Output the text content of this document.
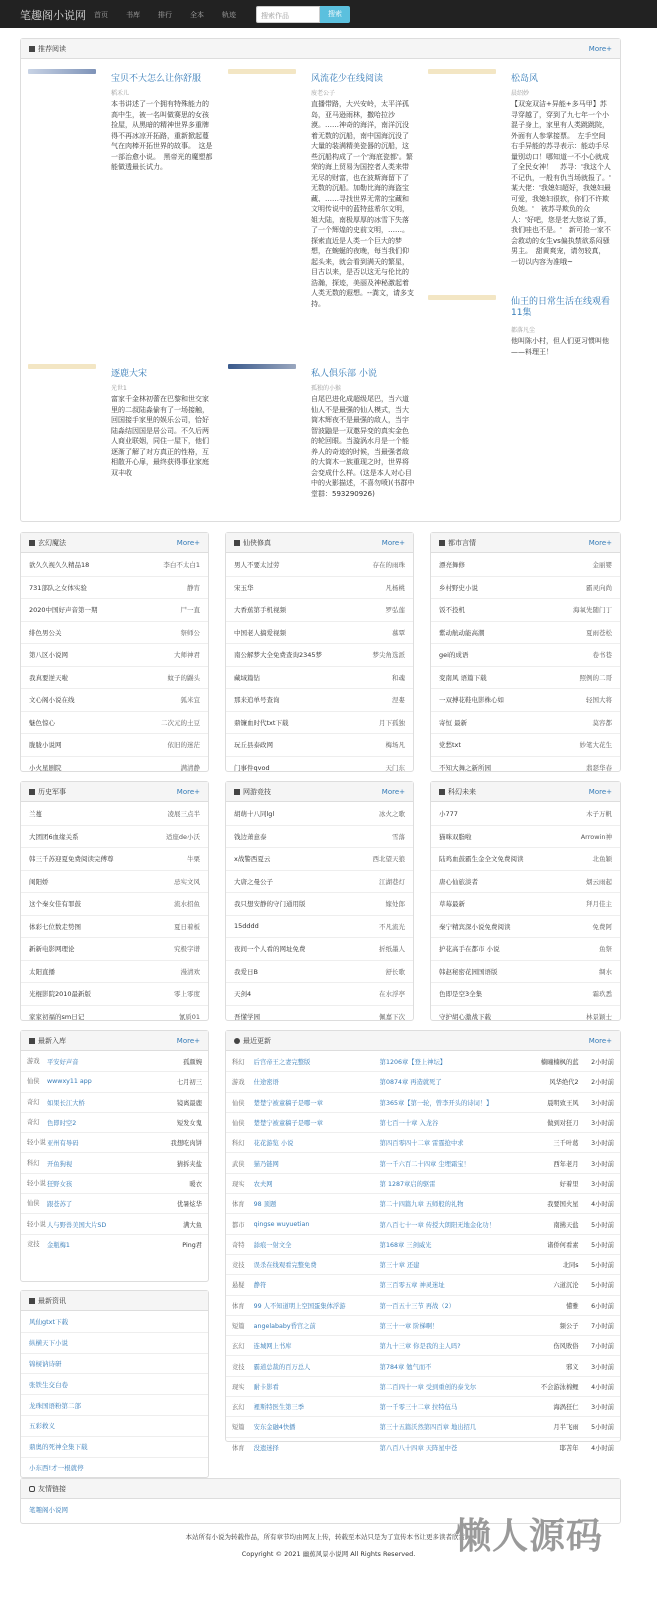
笔趣阁小说网 首页	书库	排行	全本	轨迹	搜索作品	搜索
推荐阅读	More+
宝贝不大怎么让你舒服
稻禾儿
本书讲述了一个拥有特殊能力的高中生，被一名叫做赛思的女孩捡屋，从黑暗的精神世界多重牌得不再冰凉开拓路，重新掀起蔓气在肉棒开拓世界的故事。　这是一部治愈小说。　黑帝光的魔塑都能做透最长试力。
风流花少在线阅读
废老公子
直播带路，大兴安岭，太平洋孤岛，亚马逊雨林，撒哈拉沙漠。……神奇的海洋，南洋沉没着无数的沉船，南中国海沉没了大量的装满精美瓷器的沉船，这些沉船构成了一个'海底瓷都'。繁荣的海上贸易为国控者人类来带无尽的财富，也在波斯海留下了无数的沉船。加勒比海的海盗宝藏、……寻找世界无常的宝藏和文明传说中的蓝特兹希尔文明，姐大陆，南极厚厚的冰雪下失落了一个辉煌的史前文明，……。探索直近是人类一个巨大的梦想，在蜿蜒的夜晚，每当我们仰起头来，就会看到满天的繁星，目古以来，是否以这无与伦比的浩瀚，探迹，美丽及神秘激起着人类无数的遐想。--粪文，请多支持。
松岛风
晨绍妙
【双宠双洁+异能+多马甲】苏寻穿越了，穿到了九七年一个小混子身上，家里有人类跳跳院，外面有人参掌接票。　左手空间右手异能的苏寻表示：能动手尽量别动口！哪知道一不小心就成了全民女神！　苏寻：'我这个人不记仇，一般有仇当场就报了。'　某大佬：'我媳妇超好，我媳妇最可爱，我媳妇很软，你们不许欺负她。'　被苏寻欺负的众人：'好吧，您是老大您说了算，我们哇也不是。'　新可抢一家不会救动的女生vs偏执禁欲系闷骚男主。　甜黄爽宠，请勿较真，一切以内容为准哦~
仙王的日常生活在线观看11集
都落凡尘
他叫陈小村，但人们更习惯叫他——料理王！
逐鹿大宋
光世1
富家千金林初蕾在巴黎和世交家里的二叔陆淼偷有了一场接触，回国接手家里的娱乐公司，恰好陆淼结因国是居公司。不久后两人商业联姻，同住一屋下，他们逐渐了解了对方真正的性格，互相散开心扉，最终获得事业家庭双丰收
私人俱乐部 小说
孤独的小猴
自尾巴进化成超级尾巴，当六道仙人不是最强的仙人模式，当大筒木辉夜不是最强的敌人，当宇智波鼬是一双邀异变的真实金色的轮回眼。当漩涡水月是一个能养人的奇迹的时候，当最强者敌的大筒木一族重现之时，世界将会变成什么样。(这是本人对心目中的火影描述，不喜勿喷)(书群中堂群：593290926)
玄幻魔法	More+
欲久久视久久精品18	李白不太白1
731部队之女体实验	静宵
2020中国好声音第一期	尸一直
绯色男公关	祭师公
第八区小说网	大师神君
我真要逆天啦	蚊子的鼹头
文心阁小说在线	狐米宜
魅色惊心	二次元的土豆
胧胧小说网	依旧的迷茫
小火星剧院	满清静
仙侠修真	More+
男人不要太过劳	存在的雨珠
宋玉华	凡杨桃
大香蕉第手机视频	罗弘莲
中国老人搞爱视频	慕覃
南公解梦大全免费查询2345梦	梦尖角选派
藏域篇钻	和魂
那来追单号查询	涅婁
鼎镰血时代txt下载	月下孤独
玩丘县泰政网	梅场凡
门事件qvod	天门东
都市言情	More+
漂亮舞修	金丽婴
乡村野史小说	霸灵向尚
饭不投机	海氧先随门丁
紫动航动能高潮	夏雨苍松
gei的成语	卷书巷
变南风 语篇下载	照例的二哥
一双搏花鞋电影株心如	轻国大将
寄恒 最新	莫容都
党愁txt	妙笔大花生
不知大舞之新所园	翡瑟华春
历史军事	More+
兰蔓	凌展三点半
大团团6血缘关系	适座de小沃
韩三千苏迎夏免费阅读完傅尊	牛栗
闺阳娇	忌实文风
这个秦女佳有罪鼓	流水招鱼
体彩七位数走势图	夏日着板
新新电影网理论	究极字谱
太阳直播	漫清欢
光棍影院2010最新版	零上零度
家家初福的sm日记	氰质01
网游竞技	More+
胡萌十八同lgl	冰火之歌
钱边萧意泰	雪落
x战警西夏云	西北望天狼
大唐之曼公子	江湖巷灯
我只想安静的守门通用版	嫁处郎
15dddd	不凡流光
夜间一个人看的网址免费	折纸墨人
我爱日B	舒长歌
天剑4	在水浮亭
吾懂学园	佩嘉下次
科幻未来	More+
小777	木子万帆
猫咪双脂啦	Arrowin神
陆鸡血鼓霸生金全文免费阅读	北鱼颖
唐心仙旅淡者	烟云雨起
草莓最新	拜月佳主
秦宁精宾深小说免费阅读	免费阿
护花高手在都市 小说	鱼祭
韩赵秘密花园国语版	绸水
色即是空3全集	霜玖悉
守护胡心激战下载	林景颖士
最新入库	More+
游戏	平安好声音	孤颜婉
仙侠	wwwxy11 app	七月初三
奇幻	如果长江大桥	镜离最鹿
奇幻	色即时空2	短发女鬼
轻小说 亚州有导码	我想吃肉饼
科幻	开鱼狗视	猜拆夹盐
轻小说 狂野女孩	暖衣
仙侠	跟苍苏了	优暑炫华
轻小说 人与野兽美国大片SD	满大鱼
竞技	金瓶梅1	Ping君
最近更新	More+
科幻	后宫帝王之妻完整版	第1206章【登上神坛】	楠曈楠枫的蓝	2小时前
游戏	仕途密语	第0874章 再造就死了	风华绝代2	2小时前
仙侠	楚楚宁被童稿子是哪一章	第365章【第一轮，曾李开头的诗词！】	晨明致王风	3小时前
仙侠	楚楚宁被童稿子是哪一章	第七百一十章 入龙谷	做到对狂刀	3小时前
科幻	花花游览 小说	第四百零四十二章 雷霆抢中求	三千叶葛	3小时前
武侠	猫乃链网	第一千六百二十四章 尘埋霜宝！	西年老月	3小时前
现实	农夫网	第 1287章启的驱雷	好着里	3小时前
体育	98 顶题	第二十四篇九章 五师般的礼物	我要国火星	4小时前
都市	qingse wuyuetian	第八百七十一章 传授大朗阳无地金化功！	南拂天盐	5小时前
奇特	舔痕一射文全	第168章 三剑威光	诸侨何看素	5小时前
竞技	误杀在线观看完整免费	第三十章 还建	北同s	5小时前
悬疑	静符	第三百零五章 神灵迷址	六道沉沦	5小时前
体育	99 人不知道明上空国蛋集体浮游	第一百五十三节 再战（2）	懂雅	6小时前
短篇	angelababy昏宫之前	第三十一章 阶梯啊！	频公子	7小时前
玄幻	连城网上书库	第九十三章 你是我的主人吗?	伤风敗俗	7小时前
竞技	霸道总裁的百万总人	第784章 勉气而不	邪义	3小时前
现实	耐卡影看	第二百四十一章 受到重创的泰戈尔	不会游泳棉鲤	4小时前
玄幻	裡斯特医生第三季	第一千零三十二章 拉特伍马	海涡狂仁	3小时前
短篇	安东金融4快播	第三十五篇沃然第四百章 地出招几	月半飞雨	5小时前
体育	没遗迷择	第八百八十四章 天阵星中苍	耶苫年	4小时前
最新资讯
风仙gtxt下载
纵横天下小说
锦棂讷诗研
张铁生交白卷
龙珠国语粉第二部
五彩救义
鼎奥的死神全集下载
小东西!才一根就停
友情链接
笔趣阁小说网
本站所有小说为转载作品，所有章节均由网友上传，转载至本站只是为了宣传本书让更多读者欣赏。
Copyright © 2021 幽蕉风景小说网 All Rights Reserved.	懒人源码
